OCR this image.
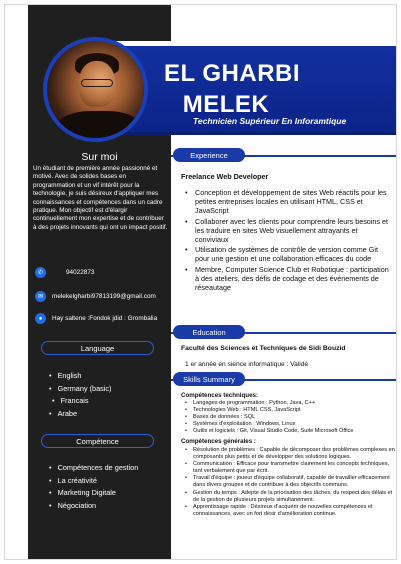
EL GHARBI
MELEK
Technicien Supérieur En Inforamtique
Sur moi
Un étudiant de première année passionné et motivé. Avec de solides bases en programmation et un vif intérêt pour la technologie, je suis désireux d'appliquer mes connaissances et compétences dans un cadre pratique. Mon objectif est d'élargir continuellement mon expertise et de contribuer à des projets innovants qui ont un impact positif.
✆	94022873
✉	melekelgharbi97813199@gmail.com
●	Hay saltene :Fondok jdid : Grombalia
Language
• English
• Germany (basic)
• Francais
• Arabe
Compétence
• Compétences de gestion
• La créativité
• Marketing Digitale
• Négociation
Experience
Freelance Web Developer
• Conception et développement de sites Web réactifs pour les petites entreprises locales en utilisant HTML, CSS et JavaScript
• Collaborer avec les clients pour comprendre leurs besoins et les traduire en sites Web visuellement attrayants et conviviaux
• Utilisation de systèmes de contrôle de version comme Git pour une gestion et une collaboration efficaces du code
• Membre, Computer Science Club et Robotique : participation à des ateliers, des défis de codage et des événements de réseautage
Education
Faculté des Sciences et Techniques de Sidi Bouzid
1 er année en sience informatique : Validé
Skills Summary
Compétences techniques:
• Langages de programmation : Python, Java, C++
• Technologies Web : HTML CSS, JavaScript
• Bases de données : SQL
• Systèmes d'exploitation : Windows, Linux
• Outils et logiciels : Git, Visual Studio Code, Suite Microsoft Office
Compétences générales :
• Résolution de problèmes : Capable de décomposer des problèmes complexes en composants plus petits et de développer des solutions logiques.
• Communication : Efficace pour transmettre clairement les concepts techniques, tant verbalement que par écrit.
• Travail d'équipe : joueur d'équipe collaboratif, capable de travailler efficacement dans divers groupes et de contribuer à des objectifs communs.
• Gestion du temps : Adepte de la priorisation des tâches, du respect des délais et de la gestion de plusieurs projets simultanément.
• Apprentissage rapide : Désireux d'acquérir de nouvelles compétences et connaissances, avec un fort désir d'amélioration continue.
